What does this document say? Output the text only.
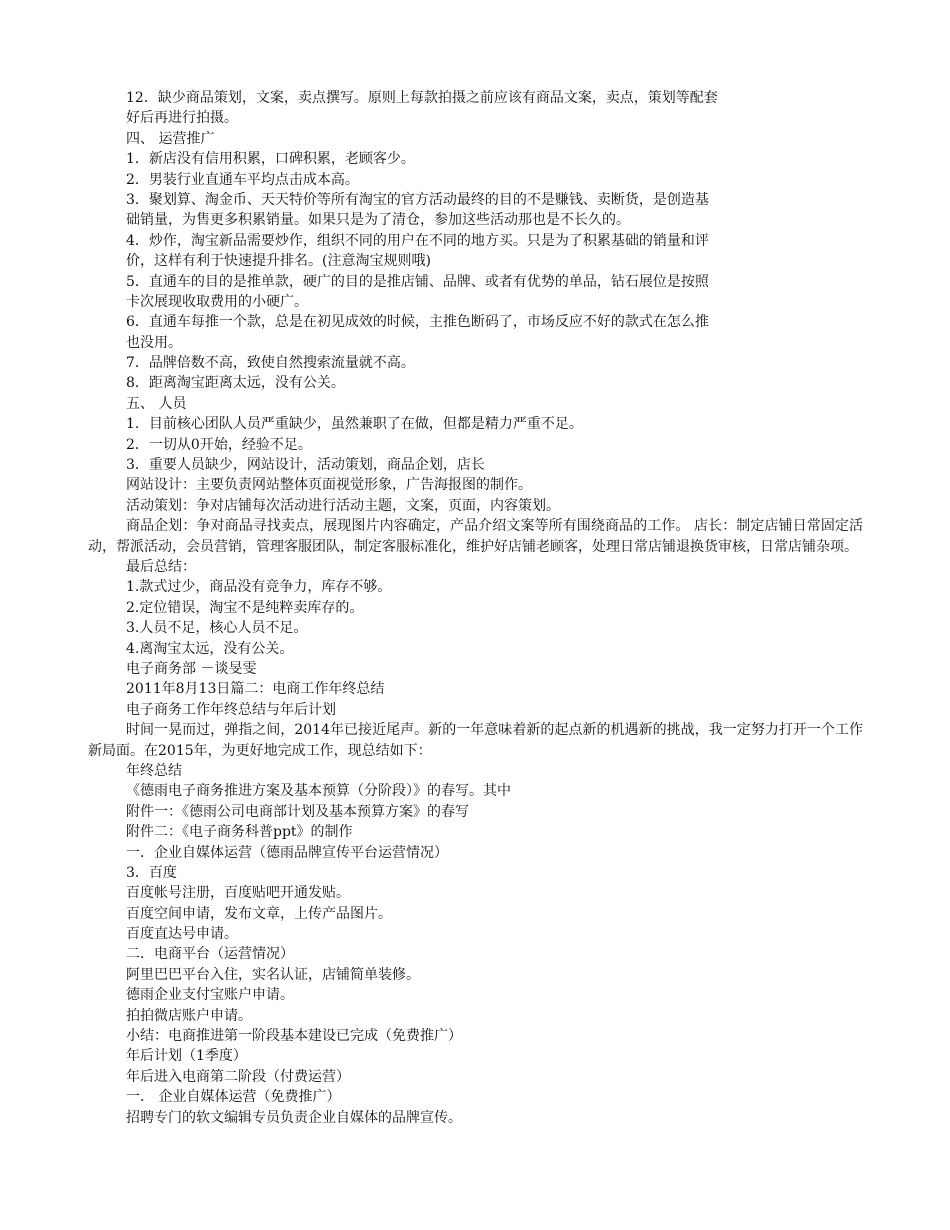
12．缺少商品策划，文案，卖点撰写。原则上每款拍摄之前应该有商品文案，卖点，策划等配套
好后再进行拍摄。
四、 运营推广
1．新店没有信用积累，口碑积累，老顾客少。
2．男装行业直通车平均点击成本高。
3．聚划算、淘金币、天天特价等所有淘宝的官方活动最终的目的不是赚钱、卖断货，是创造基
础销量，为售更多积累销量。如果只是为了清仓，参加这些活动那也是不长久的。
4．炒作，淘宝新品需要炒作，组织不同的用户在不同的地方买。只是为了积累基础的销量和评
价，这样有利于快速提升排名。(注意淘宝规则哦)
5．直通车的目的是推单款，硬广的目的是推店铺、品牌、或者有优势的单品，钻石展位是按照
卡次展现收取费用的小硬广。
6．直通车每推一个款，总是在初见成效的时候，主推色断码了，市场反应不好的款式在怎么推
也没用。
7．品牌倍数不高，致使自然搜索流量就不高。
8．距离淘宝距离太远，没有公关。
五、 人员
1．目前核心团队人员严重缺少，虽然兼职了在做，但都是精力严重不足。
2．一切从0开始，经验不足。
3．重要人员缺少，网站设计，活动策划，商品企划，店长
网站设计：主要负责网站整体页面视觉形象，广告海报图的制作。
活动策划：争对店铺每次活动进行活动主题，文案，页面，内容策划。
商品企划：争对商品寻找卖点，展现图片内容确定，产品介绍文案等所有围绕商品的工作。 店长：制定店铺日常固定活动，帮派活动，会员营销，管理客服团队，制定客服标准化，维护好店铺老顾客，处理日常店铺退换货审核，日常店铺杂项。
最后总结：
1.款式过少，商品没有竞争力，库存不够。
2.定位错误，淘宝不是纯粹卖库存的。
3.人员不足，核心人员不足。
4.离淘宝太远，没有公关。
电子商务部 －谈旻雯
2011年8月13日篇二：电商工作年终总结
电子商务工作年终总结与年后计划
时间一晃而过，弹指之间，2014年已接近尾声。新的一年意味着新的起点新的机遇新的挑战，我一定努力打开一个工作新局面。在2015年，为更好地完成工作，现总结如下：
年终总结
《德雨电子商务推进方案及基本预算（分阶段）》的春写。其中
附件一：《德雨公司电商部计划及基本预算方案》的春写
附件二：《电子商务科普ppt》的制作
一．企业自媒体运营（德雨品牌宣传平台运营情况）
3．百度
百度帐号注册，百度贴吧开通发贴。
百度空间申请，发布文章，上传产品图片。
百度直达号申请。
二．电商平台（运营情况）
阿里巴巴平台入住，实名认证，店铺简单装修。
德雨企业支付宝账户申请。
拍拍微店账户申请。
小结：电商推进第一阶段基本建设已完成（免费推广）
年后计划（1季度）
年后进入电商第二阶段（付费运营）
一． 企业自媒体运营（免费推广）
招聘专门的软文编辑专员负责企业自媒体的品牌宣传。
